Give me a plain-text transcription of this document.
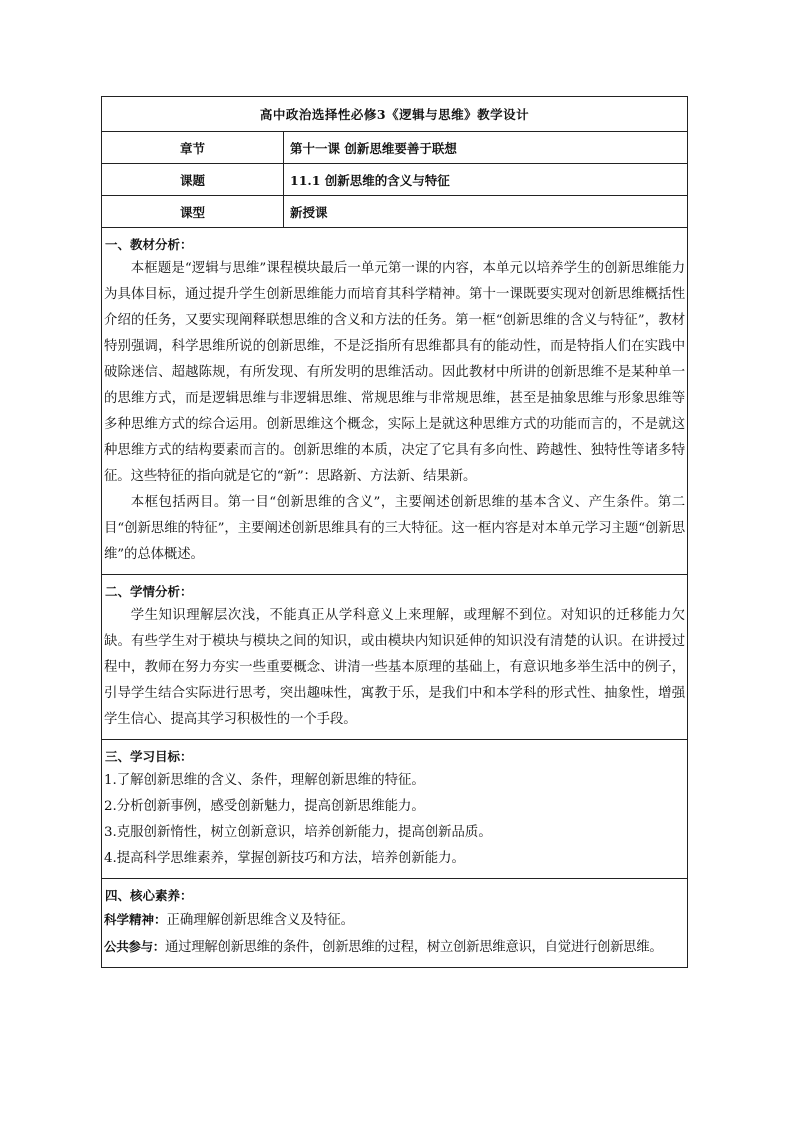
高中政治选择性必修3《逻辑与思维》教学设计
章节	第十一课 创新思维要善于联想
课题	11.1 创新思维的含义与特征
课型	新授课
一、教材分析：

本框题是“逻辑与思维”课程模块最后一单元第一课的内容，本单元以培养学生的创新思维能力为具体目标，通过提升学生创新思维能力而培育其科学精神。第十一课既要实现对创新思维概括性介绍的任务，又要实现阐释联想思维的含义和方法的任务。第一框“创新思维的含义与特征”，教材特别强调，科学思维所说的创新思维，不是泛指所有思维都具有的能动性，而是特指人们在实践中破除迷信、超越陈规，有所发现、有所发明的思维活动。因此教材中所讲的创新思维不是某种单一的思维方式，而是逻辑思维与非逻辑思维、常规思维与非常规思维，甚至是抽象思维与形象思维等多种思维方式的综合运用。创新思维这个概念，实际上是就这种思维方式的功能而言的，不是就这种思维方式的结构要素而言的。创新思维的本质，决定了它具有多向性、跨越性、独特性等诸多特征。这些特征的指向就是它的“新”：思路新、方法新、结果新。

本框包括两目。第一目“创新思维的含义”，主要阐述创新思维的基本含义、产生条件。第二目“创新思维的特征”，主要阐述创新思维具有的三大特征。这一框内容是对本单元学习主题“创新思维”的总体概述。

二、学情分析：

学生知识理解层次浅，不能真正从学科意义上来理解，或理解不到位。对知识的迁移能力欠缺。有些学生对于模块与模块之间的知识，或由模块内知识延伸的知识没有清楚的认识。在讲授过程中，教师在努力夯实一些重要概念、讲清一些基本原理的基础上，有意识地多举生活中的例子，引导学生结合实际进行思考，突出趣味性，寓教于乐，是我们中和本学科的形式性、抽象性，增强学生信心、提高其学习积极性的一个手段。

三、学习目标：

1.了解创新思维的含义、条件，理解创新思维的特征。

2.分析创新事例，感受创新魅力，提高创新思维能力。

3.克服创新惰性，树立创新意识，培养创新能力，提高创新品质。

4.提高科学思维素养，掌握创新技巧和方法，培养创新能力。

四、核心素养：

科学精神：正确理解创新思维含义及特征。

公共参与：通过理解创新思维的条件，创新思维的过程，树立创新思维意识，自觉进行创新思维。
